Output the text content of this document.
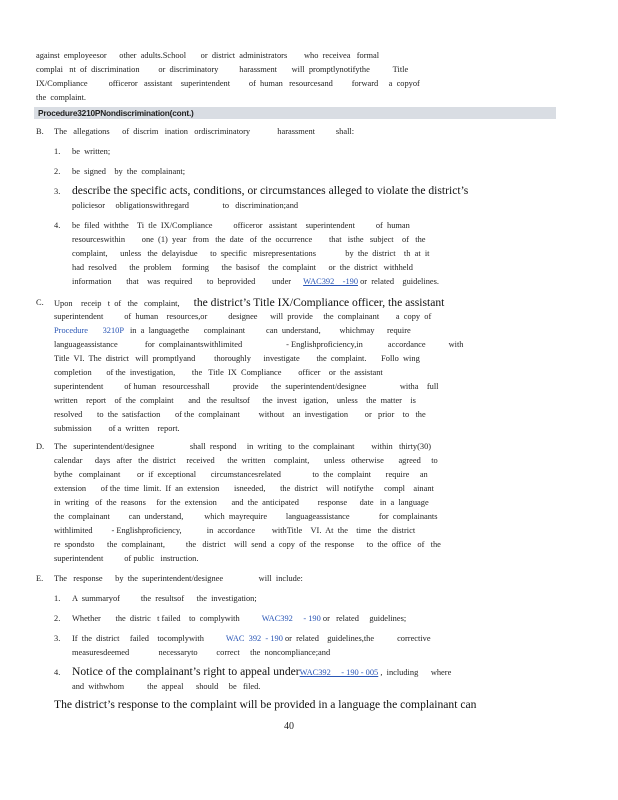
against  employeesor      other  adults.School       or  district  administrators        who  receivea   formal
complai   nt  of  discrimination         or  discriminatory          harassment       will  promptlynotifythe           Title
IX/Compliance          officeror   assistant    superintendent         of  human   resourcesand         forward     a  copyof
the  complaint.
Procedure3210PNondiscrimination(cont.)
B. The   allegations      of  discrim   ination   ordiscriminatory             harassment          shall:
1. be  written;
2. be  signed    by  the  complainant;
3. describe the specific acts, conditions, or circumstances alleged to violate the district’s
policiesor     obligationswithregard                to   discrimination;and
4. be  filed  withthe    Ti  tle  IX/Compliance          officeror   assistant    superintendent          of  human
resourceswithin        one  (1)  year   from   the  date   of  the  occurrence        that   isthe   subject    of   the
complaint,      unless   the  delayisdue      to  specific   misrepresentations              by  the  district    th  at  it
had  resolved      the  problem     forming      the  basisof    the  complaint      or  the  district   withheld
information       that    was  required       to  beprovided        under WAC392    -190 or  related    guidelines.
C. Upon    receip   t  of   the   complaint, the district’s Title IX/Compliance officer, the assistant
superintendent          of  human    resources,or          designee      will  provide     the  complainant        a  copy  of
Procedure       3210P   in  a  languagethe       complainant          can  understand,         whichmay      require
languageassistance             for  complainantswithlimited                     - Englishproficiency,in            accordance           with
Title  VI.  The  district   will  promptlyand         thoroughly      investigate        the  complaint.       Follo  wing
completion       of the  investigation,        the   Title  IX  Compliance        officer    or  the  assistant
superintendent          of human   resourcesshall           provide      the  superintendent/designee                witha    full
written    report    of  the  complaint       and   the  resultsof      the  invest   igation,    unless    the  matter    is
resolved       to  the  satisfaction       of the  complainant         without    an  investigation        or   prior    to   the
submission        of a  written    report.
D. The   superintendent/designee                 shall  respond     in  writing   to  the  complainant        within   thirty(30)
calendar      days   after   the  district     received      the  written    complaint,       unless   otherwise       agreed     to
bythe   complainant        or  if  exceptional       circumstancesrelated               to  the  complaint       require     an
extension       of the  time  limit.  If  an  extension       isneeded,       the  district    will  notifythe     compl    ainant
in  writing   of  the  reasons     for  the  extension       and  the  anticipated         response      date   in  a  language
the  complainant         can  understand,          which  mayrequire         languageassistance              for  complainants
withlimited         - Englishproficiency,            in  accordance        withTitle    VI.  At  the    time   the  district
re  spondsto      the  complainant,          the   district    will  send  a  copy  of  the  response      to  the  office   of   the
superintendent          of public   instruction.
E. The   response      by  the  superintendent/designee                 will  include:
1. A  summaryof          the  resultsof      the  investigation;
2. Whether       the  distric   t failed    to  complywith	WAC392     - 190 or   related     guidelines;
3. If  the  district     failed    tocomplywith	WAC  392  - 190 or  related    guidelines,the           corrective
measuresdeemed              necessaryto         correct     the  noncompliance;and
4. Notice of the complainant’s right to appeal underWAC392     - 190 - 005 ,  including      where
and  withwhom           the  appeal      should     be   filed.
The district’s response to the complaint will be provided in a language the complainant can
40
